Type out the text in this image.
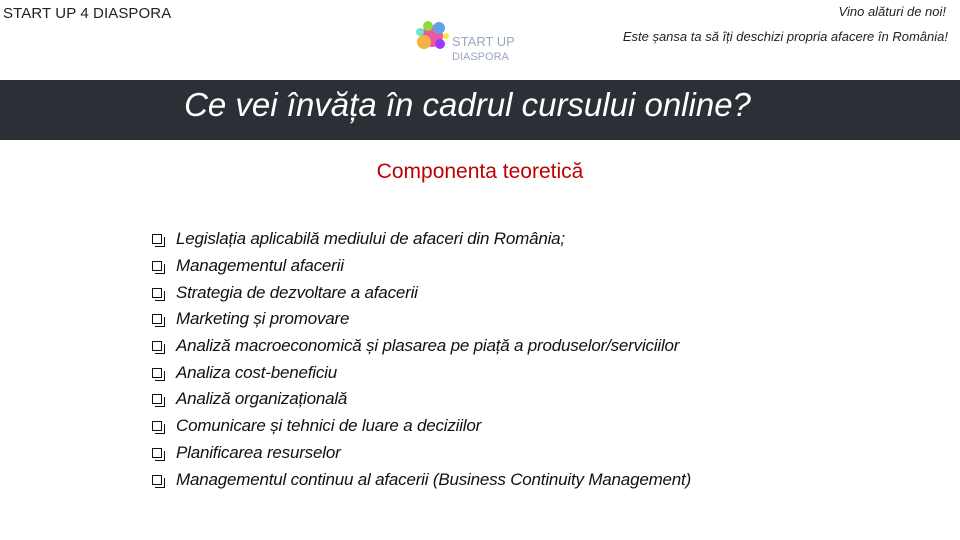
START UP 4 DIASPORA	Vino alături de noi!
Este șansa ta să îți deschizi propria afacere în România!
START UP
DIASPORA
Ce vei învăța în cadrul cursului online?
Componenta teoretică
Legislația aplicabilă mediului de afaceri din România;
Managementul afacerii
Strategia de dezvoltare a afacerii
Marketing și promovare
Analiză macroeconomică și plasarea pe piață a produselor/serviciilor
Analiza cost-beneficiu
Analiză organizațională
Comunicare și tehnici de luare a deciziilor
Planificarea resurselor
Managementul continuu al afacerii (Business Continuity Management)
